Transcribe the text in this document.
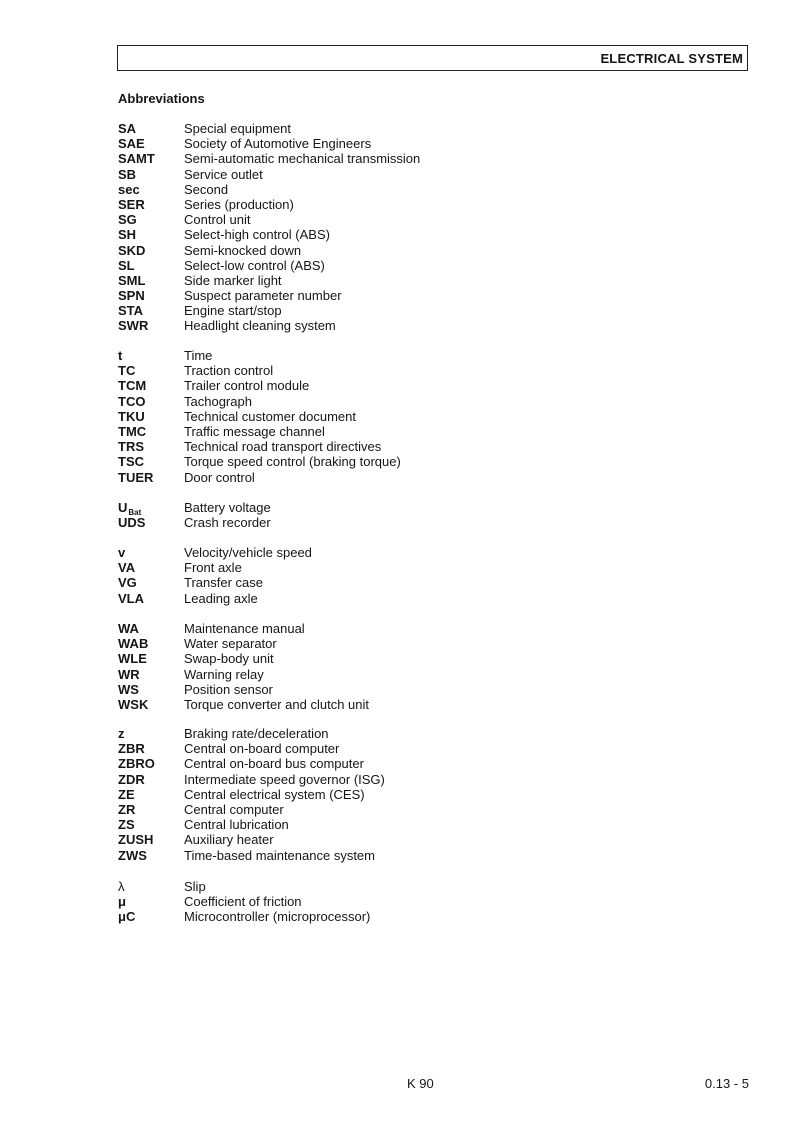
ELECTRICAL SYSTEM
Abbreviations
SA	Special equipment
SAE	Society of Automotive Engineers
SAMT Semi-automatic mechanical transmission
SB	Service outlet
sec	Second
SER	Series (production)
SG	Control unit
SH	Select-high control (ABS)
SKD	Semi-knocked down
SL	Select-low control (ABS)
SML	Side marker light
SPN	Suspect parameter number
STA	Engine start/stop
SWR	Headlight cleaning system
t	Time
TC	Traction control
TCM	Trailer control module
TCO	Tachograph
TKU	Technical customer document
TMC	Traffic message channel
TRS	Technical road transport directives
TSC	Torque speed control (braking torque)
TUER Door control
$U_{Bat}$	Battery voltage
UDS	Crash recorder
v	Velocity/vehicle speed
VA	Front axle
VG	Transfer case
VLA	Leading axle
WA	Maintenance manual
WAB	Water separator
WLE	Swap-body unit
WR	Warning relay
WS	Position sensor
WSK	Torque converter and clutch unit
z	Braking rate/deceleration
ZBR	Central on-board computer
ZBRO Central on-board bus computer
ZDR	Intermediate speed governor (ISG)
ZE	Central electrical system (CES)
ZR	Central computer
ZS	Central lubrication
ZUSH Auxiliary heater
ZWS	Time-based maintenance system
λ	Slip
μ	Coefficient of friction
μC	Microcontroller (microprocessor)
K 90	0.13 - 5
